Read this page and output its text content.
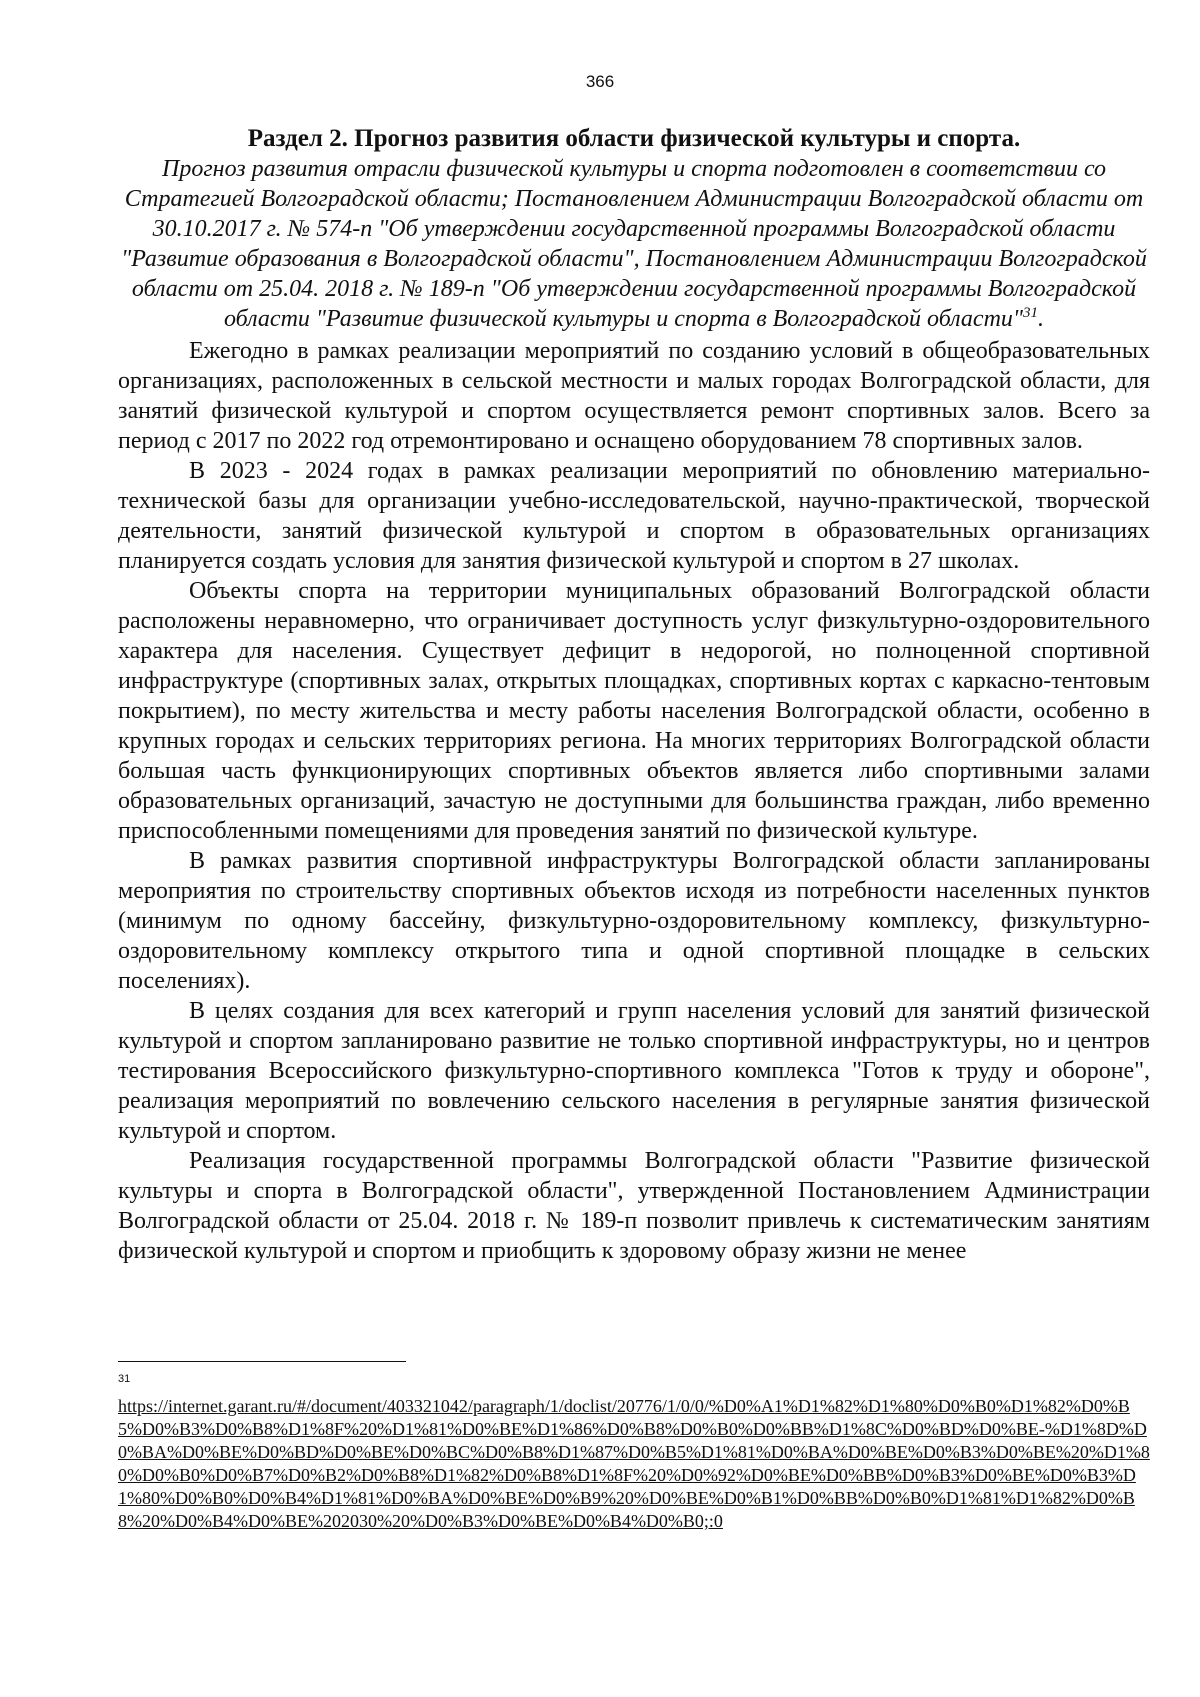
366
Раздел 2. Прогноз развития области физической культуры и спорта.

Прогноз развития отрасли физической культуры и спорта подготовлен в соответствии со Стратегией Волгоградской области; Постановлением Администрации Волгоградской области от 30.10.2017 г. № 574-п "Об утверждении государственной программы Волгоградской области "Развитие образования в Волгоградской области", Постановлением Администрации Волгоградской области от 25.04. 2018 г. № 189-п "Об утверждении государственной программы Волгоградской области "Развитие физической культуры и спорта в Волгоградской области"$^{31}$.

Ежегодно в рамках реализации мероприятий по созданию условий в общеобразовательных организациях, расположенных в сельской местности и малых городах Волгоградской области, для занятий физической культурой и спортом осуществляется ремонт спортивных залов. Всего за период с 2017 по 2022 год отремонтировано и оснащено оборудованием 78 спортивных залов.

В 2023 - 2024 годах в рамках реализации мероприятий по обновлению материально-технической базы для организации учебно-исследовательской, научно-практической, творческой деятельности, занятий физической культурой и спортом в образовательных организациях планируется создать условия для занятия физической культурой и спортом в 27 школах.

Объекты спорта на территории муниципальных образований Волгоградской области расположены неравномерно, что ограничивает доступность услуг физкультурно-оздоровительного характера для населения. Существует дефицит в недорогой, но полноценной спортивной инфраструктуре (спортивных залах, открытых площадках, спортивных кортах с каркасно-тентовым покрытием), по месту жительства и месту работы населения Волгоградской области, особенно в крупных городах и сельских территориях региона. На многих территориях Волгоградской области большая часть функционирующих спортивных объектов является либо спортивными залами образовательных организаций, зачастую не доступными для большинства граждан, либо временно приспособленными помещениями для проведения занятий по физической культуре.

В рамках развития спортивной инфраструктуры Волгоградской области запланированы мероприятия по строительству спортивных объектов исходя из потребности населенных пунктов (минимум по одному бассейну, физкультурно-оздоровительному комплексу, физкультурно-оздоровительному комплексу открытого типа и одной спортивной площадке в сельских поселениях).

В целях создания для всех категорий и групп населения условий для занятий физической культурой и спортом запланировано развитие не только спортивной инфраструктуры, но и центров тестирования Всероссийского физкультурно-спортивного комплекса "Готов к труду и обороне", реализация мероприятий по вовлечению сельского населения в регулярные занятия физической культурой и спортом.

Реализация государственной программы Волгоградской области "Развитие физической культуры и спорта в Волгоградской области", утвержденной Постановлением Администрации Волгоградской области от 25.04. 2018 г. № 189-п позволит привлечь к систематическим занятиям физической культурой и спортом и приобщить к здоровому образу жизни не менее

31
https://internet.garant.ru/#/document/403321042/paragraph/1/doclist/20776/1/0/0/%D0%A1%D1%82%D1%80%D0%B0%D1%82%D0%B5%D0%B3%D0%B8%D1%8F%20%D1%81%D0%BE%D1%86%D0%B8%D0%B0%D0%BB%D1%8C%D0%BD%D0%BE-%D1%8D%D0%BA%D0%BE%D0%BD%D0%BE%D0%BC%D0%B8%D1%87%D0%B5%D1%81%D0%BA%D0%BE%D0%B3%D0%BE%20%D1%80%D0%B0%D0%B7%D0%B2%D0%B8%D1%82%D0%B8%D1%8F%20%D0%92%D0%BE%D0%BB%D0%B3%D0%BE%D0%B3%D1%80%D0%B0%D0%B4%D1%81%D0%BA%D0%BE%D0%B9%20%D0%BE%D0%B1%D0%BB%D0%B0%D1%81%D1%82%D0%B8%20%D0%B4%D0%BE%202030%20%D0%B3%D0%BE%D0%B4%D0%B0;:0
